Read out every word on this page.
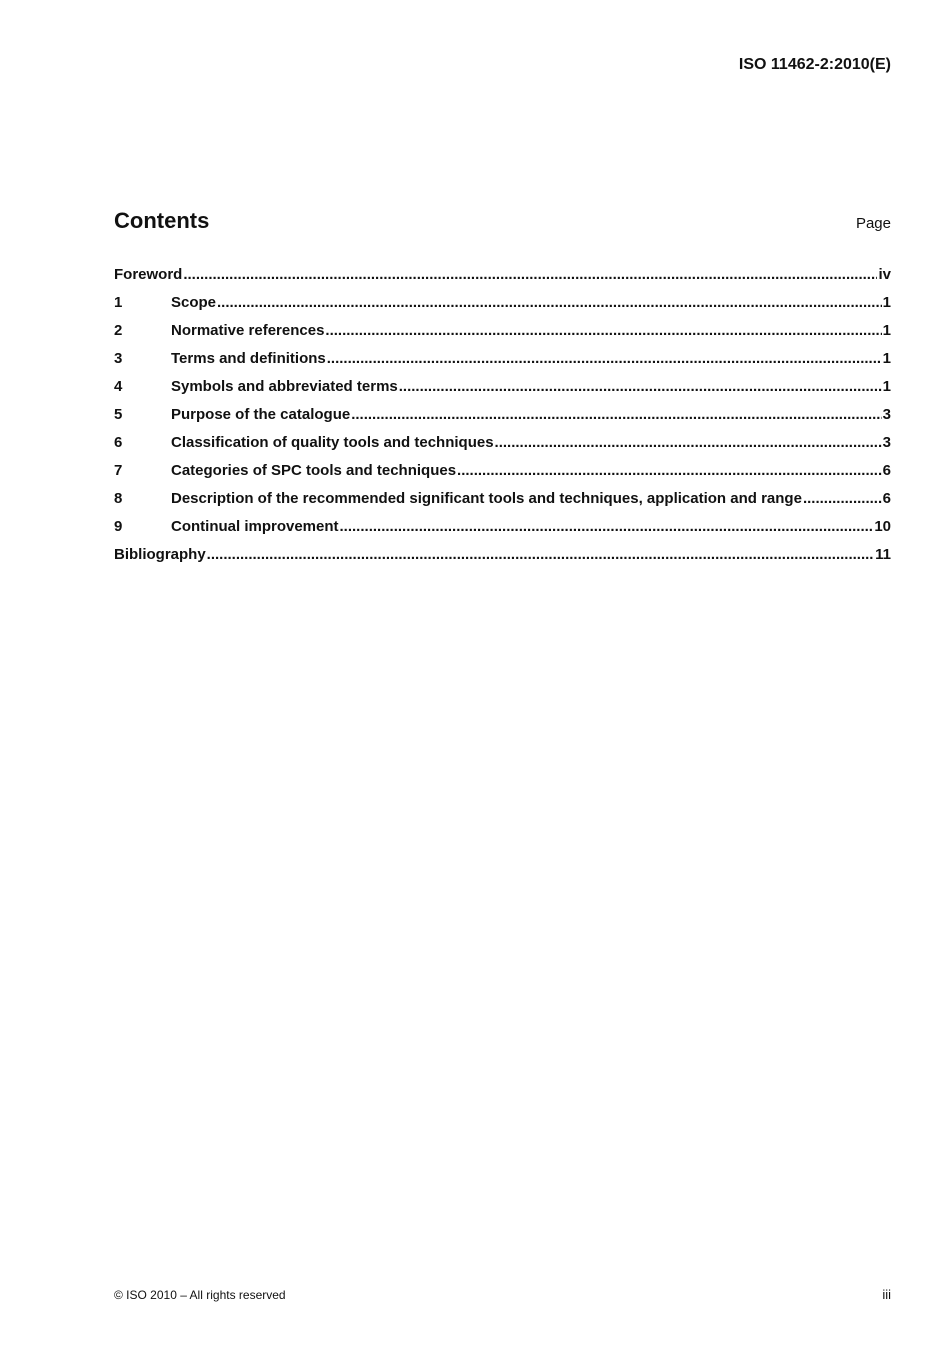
ISO 11462-2:2010(E)
Contents	Page
Foreword .....	iv
1	Scope .....	1
2	Normative references .....	1
3	Terms and definitions .....	1
4	Symbols and abbreviated terms .....	1
5	Purpose of the catalogue .....	3
6	Classification of quality tools and techniques .....	3
7	Categories of SPC tools and techniques .....	6
8	Description of the recommended significant tools and techniques, application and range .....	6
9	Continual improvement .....	10
Bibliography .....	11
© ISO 2010 – All rights reserved	iii
